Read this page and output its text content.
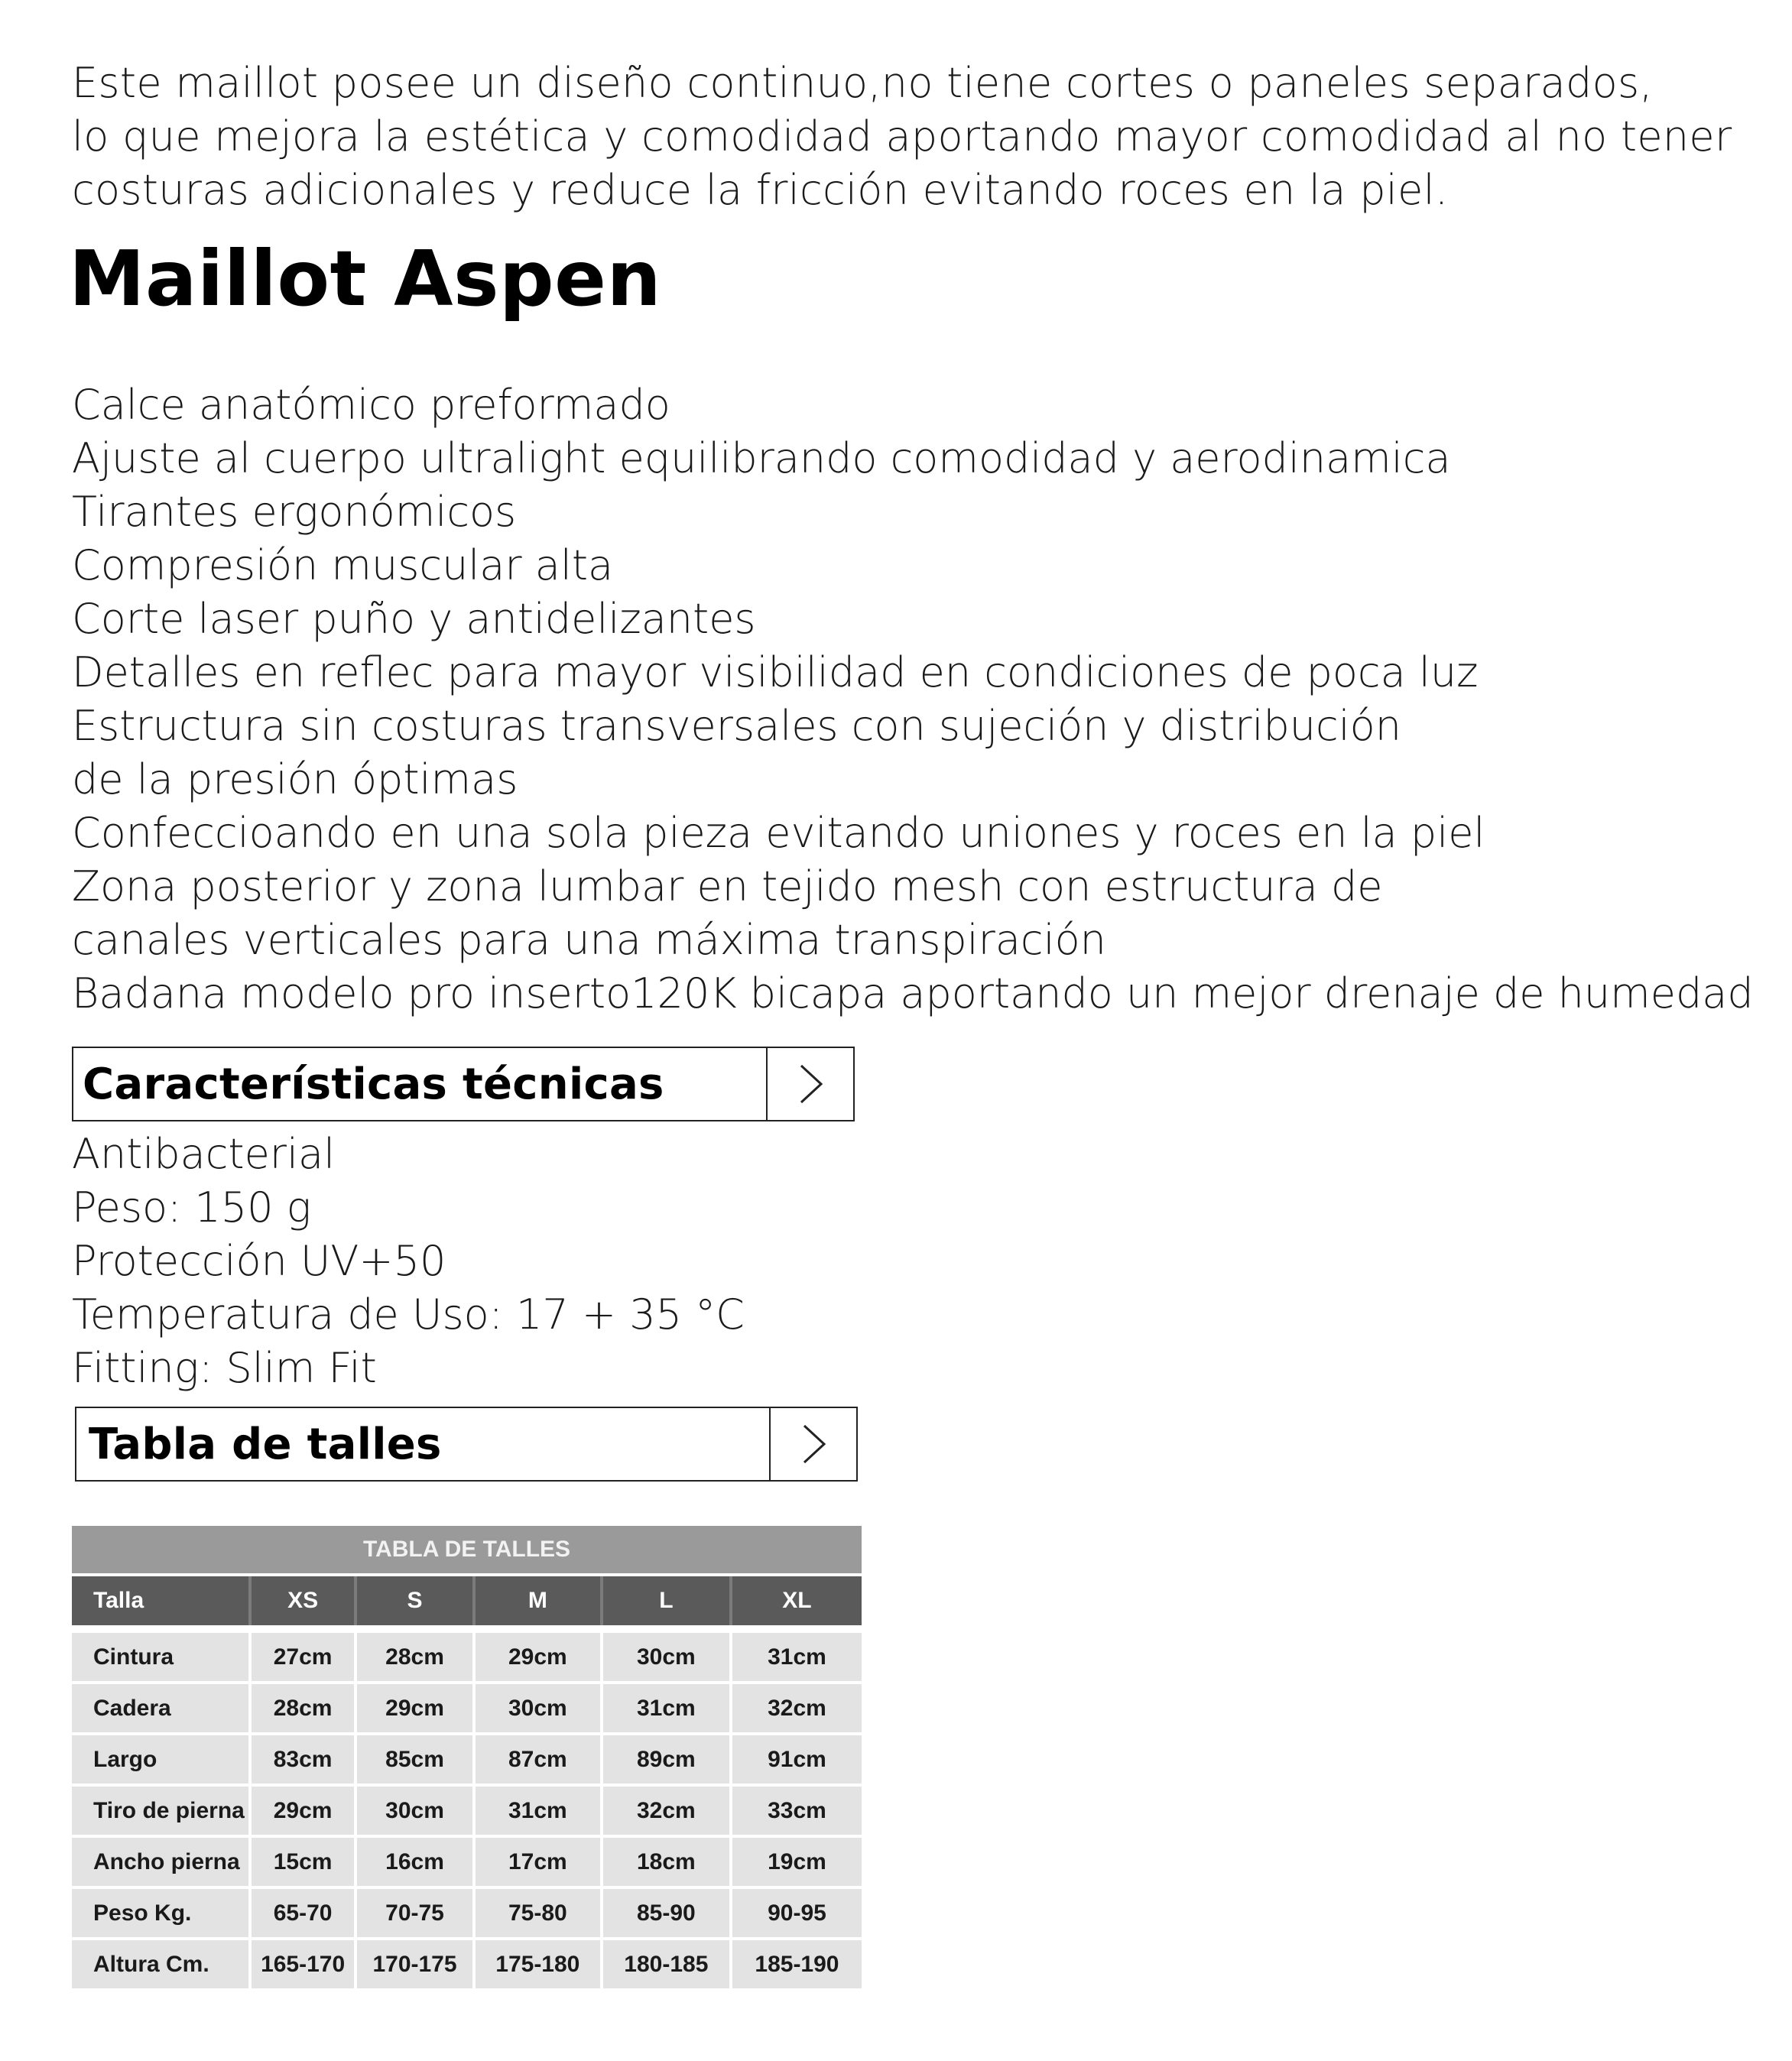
Este maillot posee un diseño continuo,no tiene cortes o paneles separados,
lo que mejora la estética y comodidad aportando mayor comodidad al no tener
costuras adicionales y reduce la fricción evitando roces en la piel.
Maillot Aspen
Calce anatómico preformado
Ajuste al cuerpo ultralight equilibrando comodidad y aerodinamica
Tirantes ergonómicos
Compresión muscular alta
Corte laser puño y antidelizantes
Detalles en reflec para mayor visibilidad en condiciones de poca luz
Estructura sin costuras transversales con sujeción y distribución
de la presión óptimas
Confeccioando en una sola pieza evitando uniones y roces en la piel
Zona posterior y zona lumbar en tejido mesh con estructura de
canales verticales para una máxima transpiración
Badana modelo pro inserto120K bicapa aportando un mejor drenaje de humedad
Características técnicas
Antibacterial
Peso: 150 g
Protección UV+50
Temperatura de Uso: 17 + 35 °C
Fitting: Slim Fit
Tabla de talles
TABLA DE TALLES					
Talla	XS	S	M	L	XL

Cintura	27cm	28cm	29cm	30cm	31cm
Cadera	28cm	29cm	30cm	31cm	32cm
Largo	83cm	85cm	87cm	89cm	91cm
Tiro de pierna	29cm	30cm	31cm	32cm	33cm
Ancho pierna	15cm	16cm	17cm	18cm	19cm
Peso Kg.	65-70	70-75	75-80	85-90	90-95
Altura Cm.	165-170	170-175	175-180	180-185	185-190
